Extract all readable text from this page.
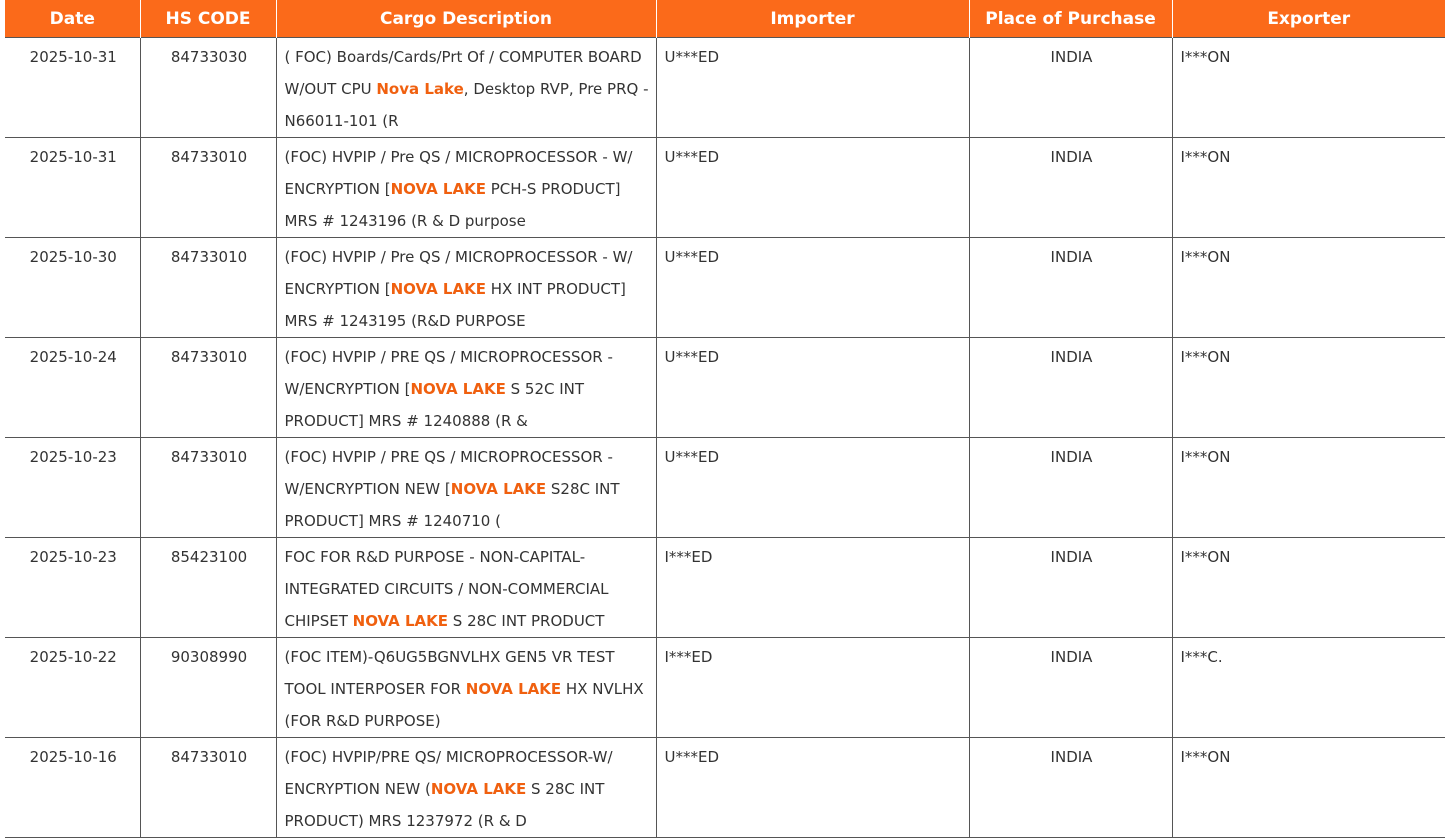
Date	HS CODE	Cargo Description	Importer	Place of Purchase	Exporter
2025-10-31	84733030	( FOC) Boards/Cards/Prt Of / COMPUTER BOARD W/OUT CPU Nova Lake, Desktop RVP, Pre PRQ - N66011-101 (R	U***ED	INDIA	I***ON
2025-10-31	84733010	(FOC) HVPIP / Pre QS / MICROPROCESSOR - W/ ENCRYPTION [NOVA LAKE PCH-S PRODUCT] MRS # 1243196 (R & D purpose	U***ED	INDIA	I***ON
2025-10-30	84733010	(FOC) HVPIP / Pre QS / MICROPROCESSOR - W/ ENCRYPTION [NOVA LAKE HX INT PRODUCT] MRS # 1243195 (R&D PURPOSE	U***ED	INDIA	I***ON
2025-10-24	84733010	(FOC) HVPIP / PRE QS / MICROPROCESSOR - W/ENCRYPTION [NOVA LAKE S 52C INT PRODUCT] MRS # 1240888 (R &	U***ED	INDIA	I***ON
2025-10-23	84733010	(FOC) HVPIP / PRE QS / MICROPROCESSOR - W/ENCRYPTION NEW [NOVA LAKE S28C INT PRODUCT] MRS # 1240710 (	U***ED	INDIA	I***ON
2025-10-23	85423100	FOC FOR R&D PURPOSE - NON-CAPITAL-INTEGRATED CIRCUITS / NON-COMMERCIAL CHIPSET NOVA LAKE S 28C INT PRODUCT	I***ED	INDIA	I***ON
2025-10-22	90308990	(FOC ITEM)-Q6UG5BGNVLHX GEN5 VR TEST TOOL INTERPOSER FOR NOVA LAKE HX NVLHX (FOR R&D PURPOSE)	I***ED	INDIA	I***C.
2025-10-16	84733010	(FOC) HVPIP/PRE QS/ MICROPROCESSOR-W/ ENCRYPTION NEW (NOVA LAKE S 28C INT PRODUCT) MRS 1237972 (R & D	U***ED	INDIA	I***ON
